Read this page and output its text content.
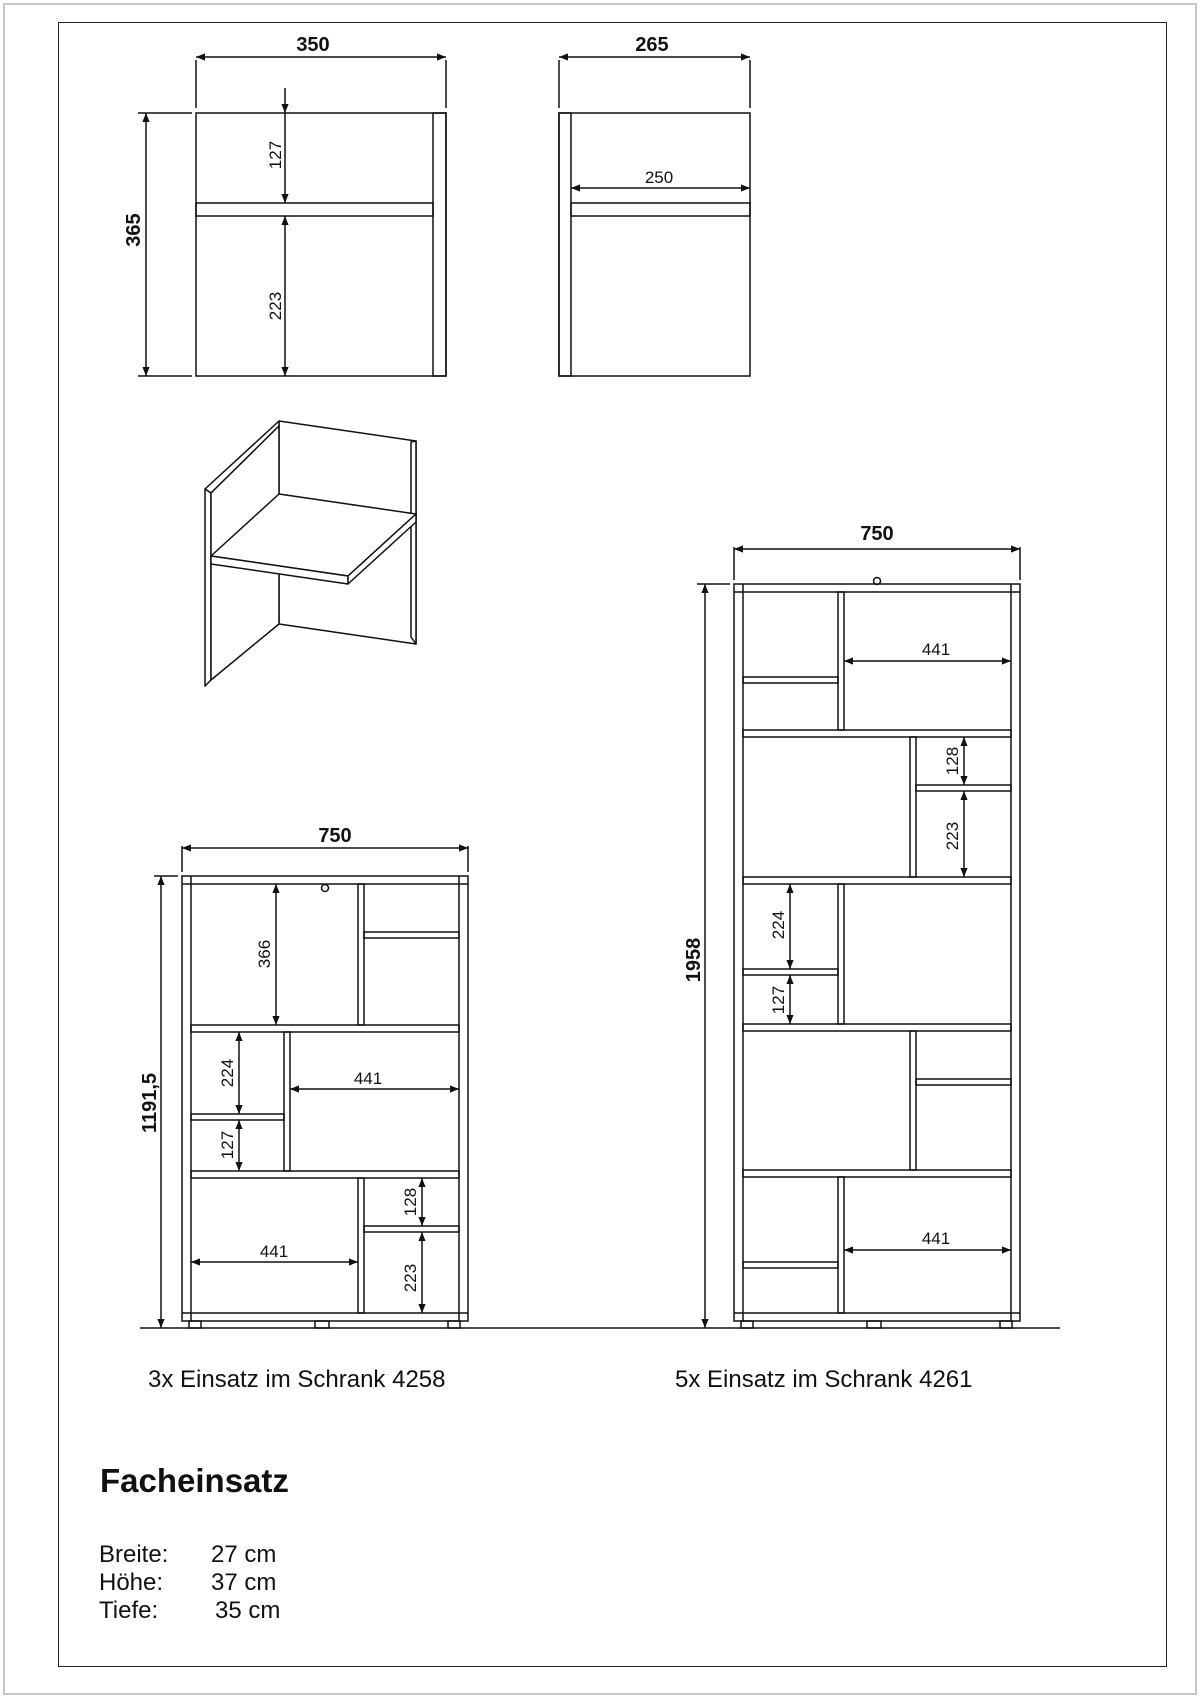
350
365
127
223
265
250
750
1191,5
366
224
127
441
441
128
223
750
1958
441
128
223
224
127
441
3x Einsatz im Schrank 4258	5x Einsatz im Schrank 4261
Facheinsatz
Breite:	27 cm
Höhe:	37 cm
Tiefe:	35 cm
